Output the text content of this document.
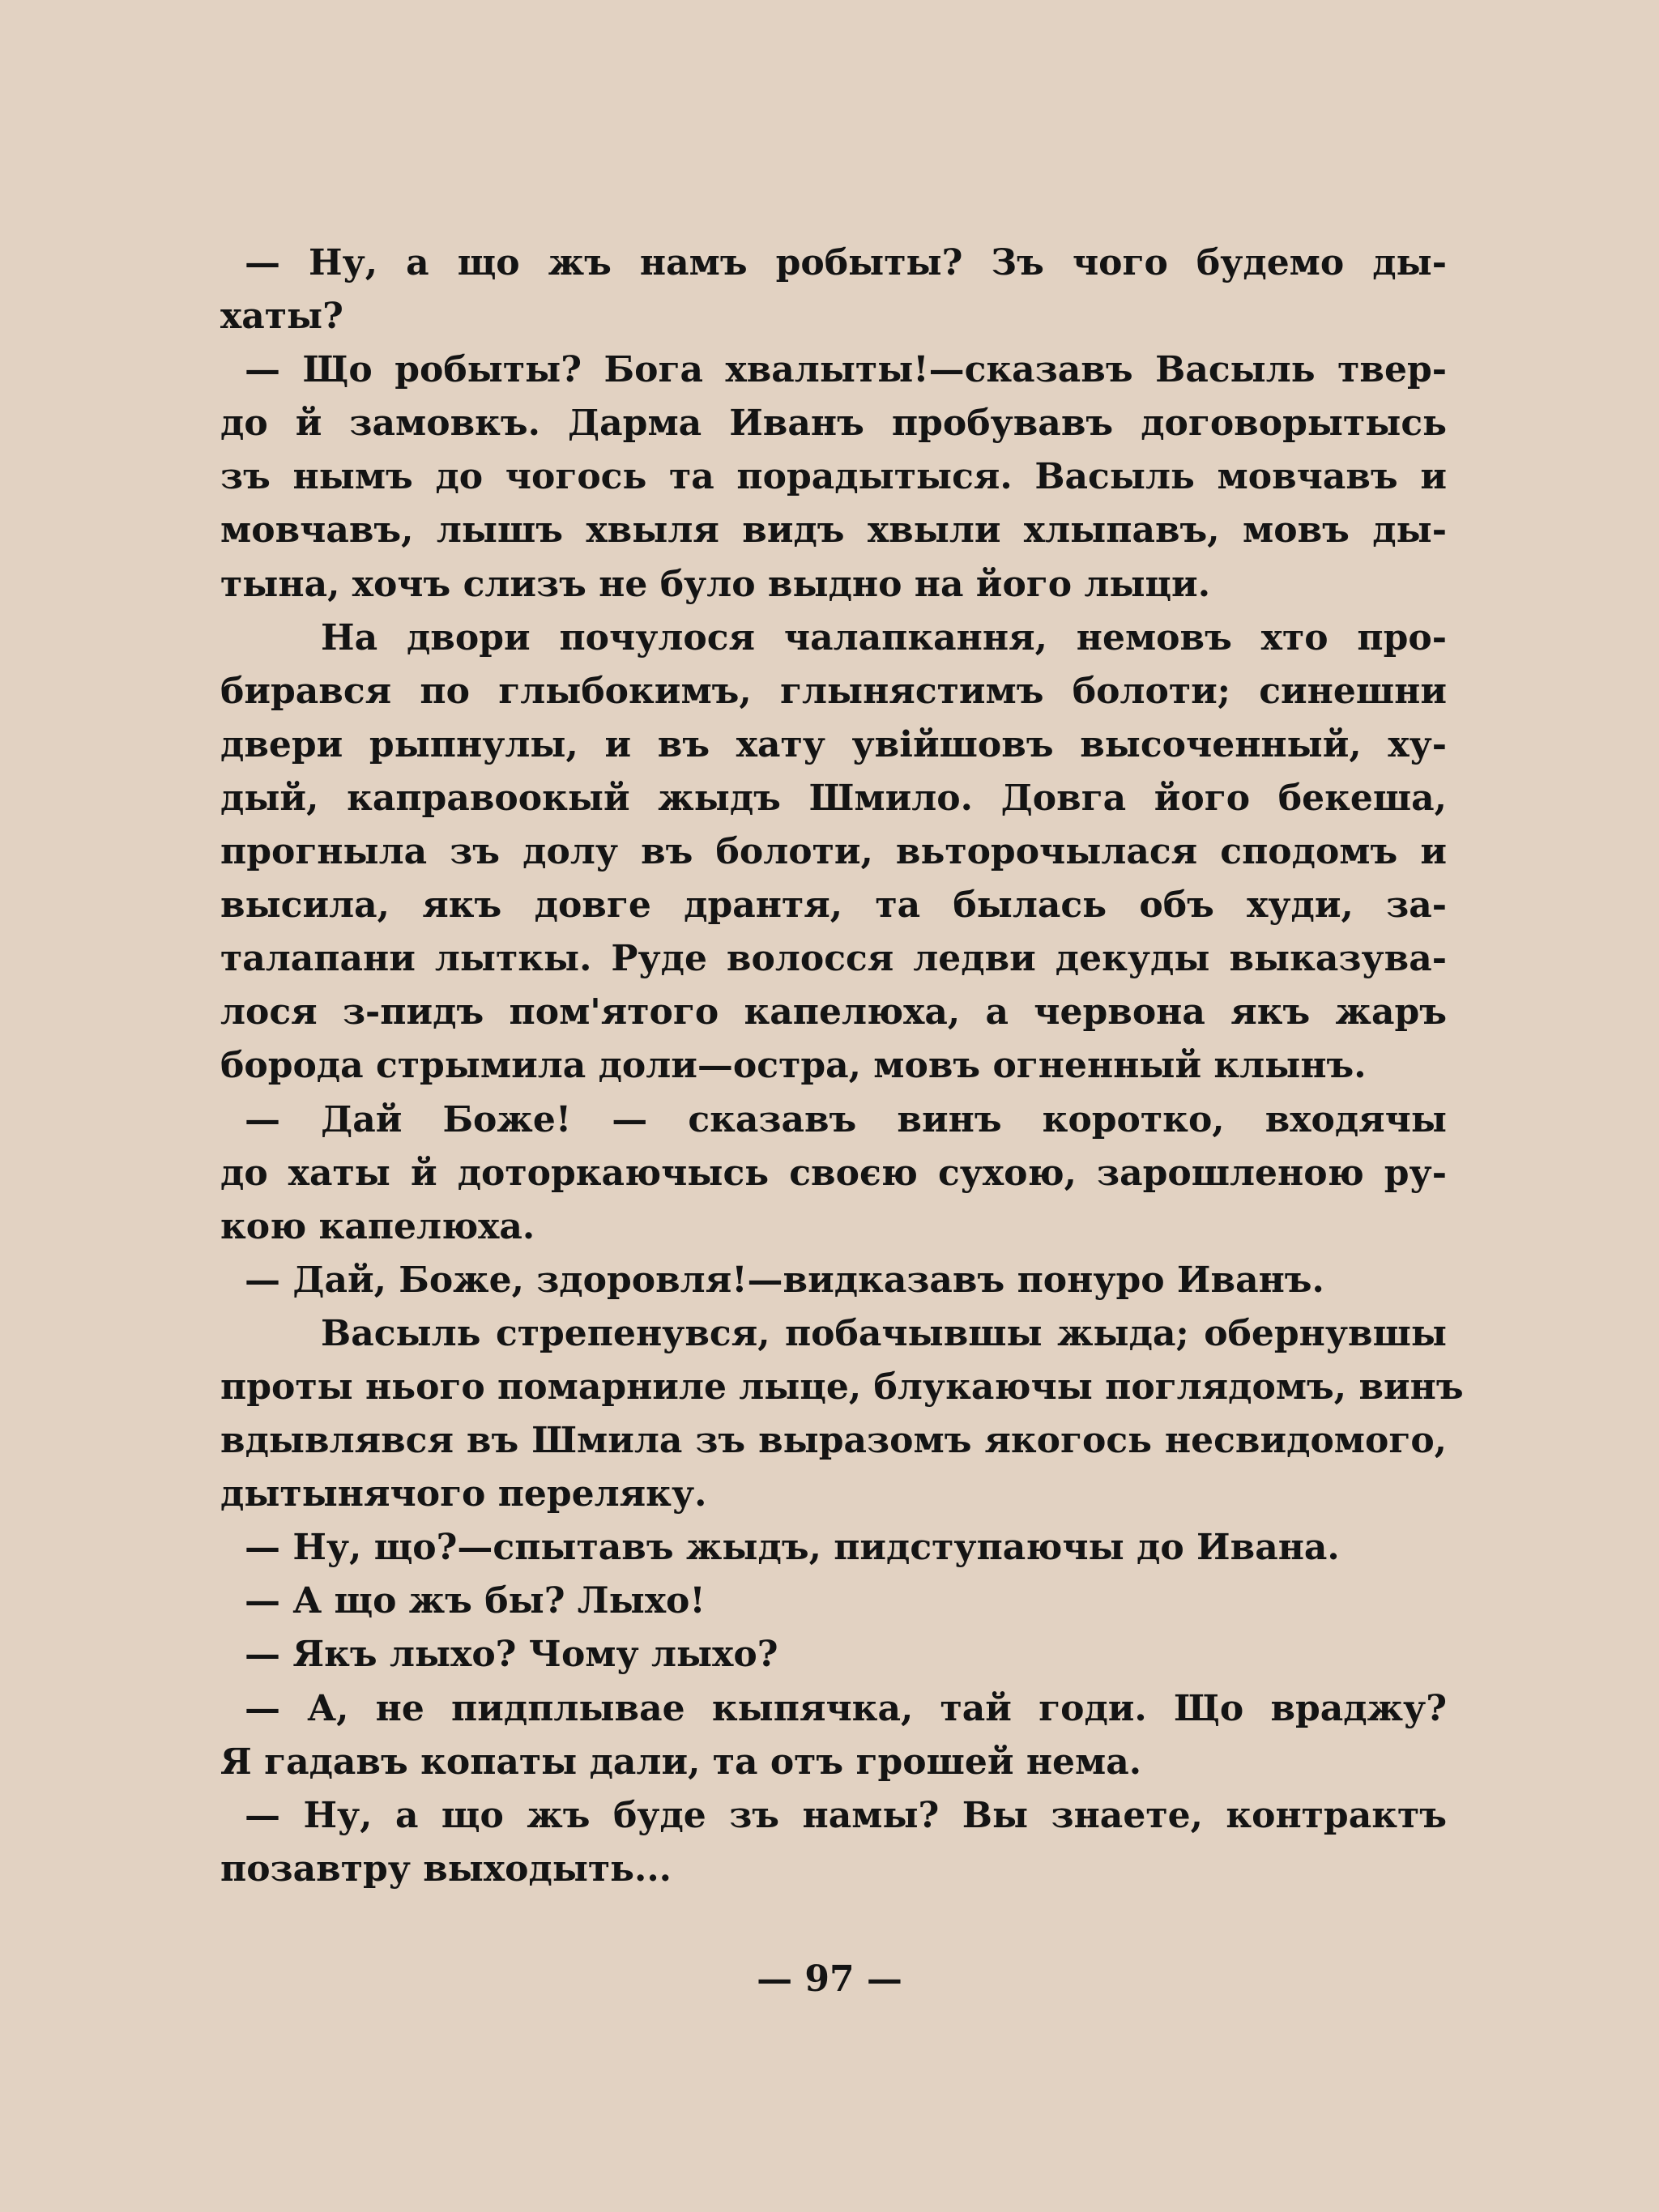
— Ну, а що жъ намъ робыты? Зъ чого будемо ды-
хаты?
— Що робыты? Бога хвалыты!—сказавъ Васыль твер-
до й замовкъ. Дарма Иванъ пробувавъ договорытысь
зъ нымъ до чогось та порадытыся. Васыль мовчавъ и
мовчавъ, лышъ хвыля видъ хвыли хлыпавъ, мовъ ды-
тына, хочъ слизъ не було выдно на його лыци.
На двори почулося чалапкання, немовъ хто про-
бирався по глыбокимъ, глынястимъ болоти; синешни
двери рыпнулы, и въ хату увійшовъ высоченный, ху-
дый, каправоокый жыдъ Шмило. Довга його бекеша,
прогныла зъ долу въ болоти, вьторочылася сподомъ и
высила, якъ довге дрантя, та былась объ худи, за-
талапани лыткы. Руде волосся ледви декуды выказува-
лося з-пидъ пом'ятого капелюха, а червона якъ жаръ
борода стрымила доли—остра, мовъ огненный клынъ.
— Дай Боже! — сказавъ винъ коротко, входячы
до хаты й доторкаючысь своєю сухою, зарошленою ру-
кою капелюха.
— Дай, Боже, здоровля!—видказавъ понуро Иванъ.
Васыль стрепенувся, побачывшы жыда; обернувшы
проты нього помарниле лыце, блукаючы поглядомъ, винъ
вдывлявся въ Шмила зъ выразомъ якогось несвидомого,
дытынячого переляку.
— Ну, що?—спытавъ жыдъ, пидступаючы до Ивана.
— А що жъ бы? Лыхо!
— Якъ лыхо? Чому лыхо?
— А, не пидплывае кыпячка, тай годи. Що враджу?
Я гадавъ копаты дали, та отъ грошей нема.
— Ну, а що жъ буде зъ намы? Вы знаете, контрактъ
позавтру выходыть...
— 97 —
